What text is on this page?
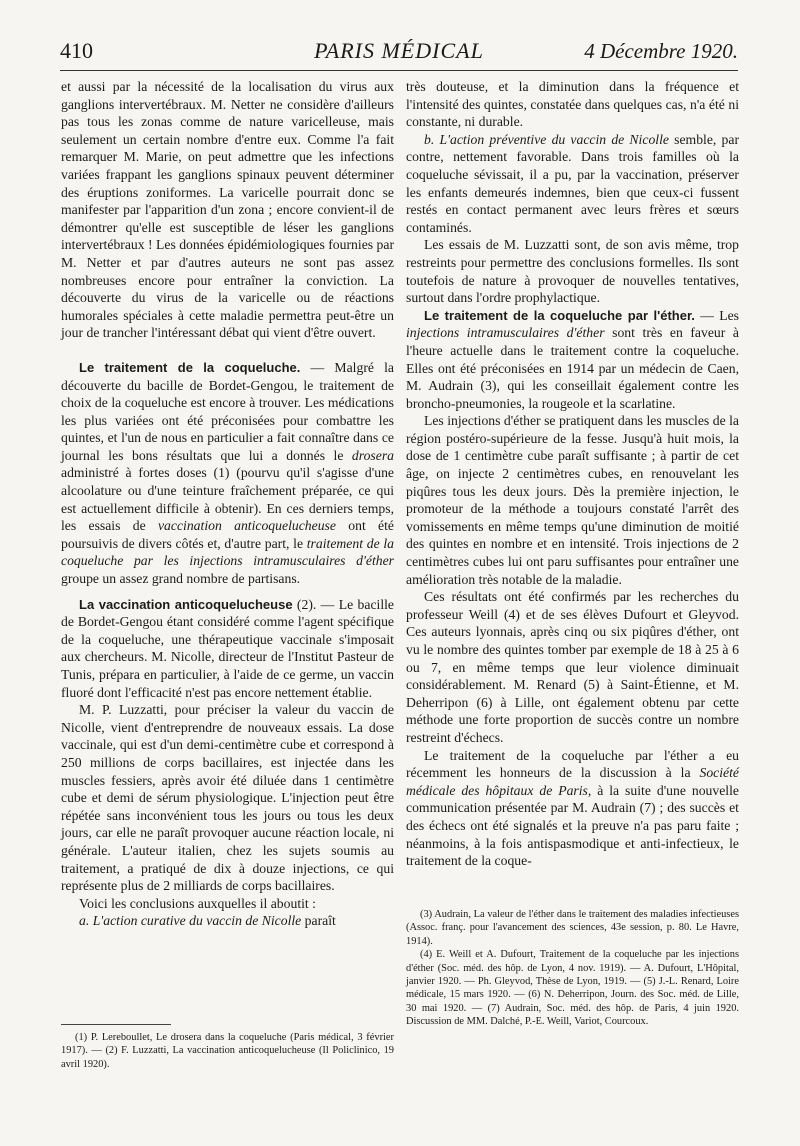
410	PARIS MÉDICAL	4 Décembre 1920.

et aussi par la nécessité de la localisation du virus aux ganglions intervertébraux. M. Netter ne considère d'ailleurs pas tous les zonas comme de nature varicelleuse, mais seulement un certain nombre d'entre eux. Comme l'a fait remarquer M. Marie, on peut admettre que les infections variées frappant les ganglions spinaux peuvent déterminer des éruptions zoniformes. La varicelle pourrait donc se manifester par l'apparition d'un zona ; encore convient-il de démontrer qu'elle est susceptible de léser les ganglions intervertébraux ! Les données épidémiologiques fournies par M. Netter et par d'autres auteurs ne sont pas assez nombreuses encore pour entraîner la conviction. La découverte du virus de la varicelle ou de réactions humorales spéciales à cette maladie permettra peut-être un jour de trancher l'intéressant débat qui vient d'être ouvert.

Le traitement de la coqueluche. — Malgré la découverte du bacille de Bordet-Gengou, le traitement de choix de la coqueluche est encore à trouver. Les médications les plus variées ont été préconisées pour combattre les quintes, et l'un de nous en particulier a fait connaître dans ce journal les bons résultats que lui a donnés le drosera administré à fortes doses (1) (pourvu qu'il s'agisse d'une alcoolature ou d'une teinture fraîchement préparée, ce qui est actuellement difficile à obtenir). En ces derniers temps, les essais de vaccination anticoquelucheuse ont été poursuivis de divers côtés et, d'autre part, le traitement de la coqueluche par les injections intramusculaires d'éther groupe un assez grand nombre de partisans.

La vaccination anticoquelucheuse (2). — Le bacille de Bordet-Gengou étant considéré comme l'agent spécifique de la coqueluche, une thérapeutique vaccinale s'imposait aux chercheurs. M. Nicolle, directeur de l'Institut Pasteur de Tunis, prépara en particulier, à l'aide de ce germe, un vaccin fluoré dont l'efficacité n'est pas encore nettement établie.

M. P. Luzzatti, pour préciser la valeur du vaccin de Nicolle, vient d'entreprendre de nouveaux essais. La dose vaccinale, qui est d'un demi-centimètre cube et correspond à 250 millions de corps bacillaires, est injectée dans les muscles fessiers, après avoir été diluée dans 1 centimètre cube et demi de sérum physiologique. L'injection peut être répétée sans inconvénient tous les jours ou tous les deux jours, car elle ne paraît provoquer aucune réaction locale, ni générale. L'auteur italien, chez les sujets soumis au traitement, a pratiqué de dix à douze injections, ce qui représente plus de 2 milliards de corps bacillaires.

Voici les conclusions auxquelles il aboutit :

a. L'action curative du vaccin de Nicolle paraît

(1) P. Lereboullet, Le drosera dans la coqueluche (Paris médical, 3 février 1917). — (2) F. Luzzatti, La vaccination anticoquelucheuse (Il Policlinico, 19 avril 1920).

très douteuse, et la diminution dans la fréquence et l'intensité des quintes, constatée dans quelques cas, n'a été ni constante, ni durable.

b. L'action préventive du vaccin de Nicolle semble, par contre, nettement favorable. Dans trois familles où la coqueluche sévissait, il a pu, par la vaccination, préserver les enfants demeurés indemnes, bien que ceux-ci fussent restés en contact permanent avec leurs frères et sœurs contaminés.

Les essais de M. Luzzatti sont, de son avis même, trop restreints pour permettre des conclusions formelles. Ils sont toutefois de nature à provoquer de nouvelles tentatives, surtout dans l'ordre prophylactique.

Le traitement de la coqueluche par l'éther. — Les injections intramusculaires d'éther sont très en faveur à l'heure actuelle dans le traitement contre la coqueluche. Elles ont été préconisées en 1914 par un médecin de Caen, M. Audrain (3), qui les conseillait également contre les broncho-pneumonies, la rougeole et la scarlatine.

Les injections d'éther se pratiquent dans les muscles de la région postéro-supérieure de la fesse. Jusqu'à huit mois, la dose de 1 centimètre cube paraît suffisante ; à partir de cet âge, on injecte 2 centimètres cubes, en renouvelant les piqûres tous les deux jours. Dès la première injection, le promoteur de la méthode a toujours constaté l'arrêt des vomissements en même temps qu'une diminution de moitié des quintes en nombre et en intensité. Trois injections de 2 centimètres cubes lui ont paru suffisantes pour entraîner une amélioration très notable de la maladie.

Ces résultats ont été confirmés par les recherches du professeur Weill (4) et de ses élèves Dufourt et Gleyvod. Ces auteurs lyonnais, après cinq ou six piqûres d'éther, ont vu le nombre des quintes tomber par exemple de 18 à 25 à 6 ou 7, en même temps que leur violence diminuait considérablement. M. Renard (5) à Saint-Étienne, et M. Deherripon (6) à Lille, ont également obtenu par cette méthode une forte proportion de succès contre un nombre restreint d'échecs.

Le traitement de la coqueluche par l'éther a eu récemment les honneurs de la discussion à la Société médicale des hôpitaux de Paris, à la suite d'une nouvelle communication présentée par M. Audrain (7) ; des succès et des échecs ont été signalés et la preuve n'a pas paru faite ; néanmoins, à la fois antispasmodique et anti-infectieux, le traitement de la coque-

(3) Audrain, La valeur de l'éther dans le traitement des maladies infectieuses (Assoc. franç. pour l'avancement des sciences, 43e session, p. 80. Le Havre, 1914).

(4) E. Weill et A. Dufourt, Traitement de la coqueluche par les injections d'éther (Soc. méd. des hôp. de Lyon, 4 nov. 1919). — A. Dufourt, L'Hôpital, janvier 1920. — Ph. Gleyvod, Thèse de Lyon, 1919. — (5) J.-L. Renard, Loire médicale, 15 mars 1920. — (6) N. Deherripon, Journ. des Soc. méd. de Lille, 30 mai 1920. — (7) Audrain, Soc. méd. des hôp. de Paris, 4 juin 1920. Discussion de MM. Dalché, P.-E. Weill, Variot, Courcoux.
